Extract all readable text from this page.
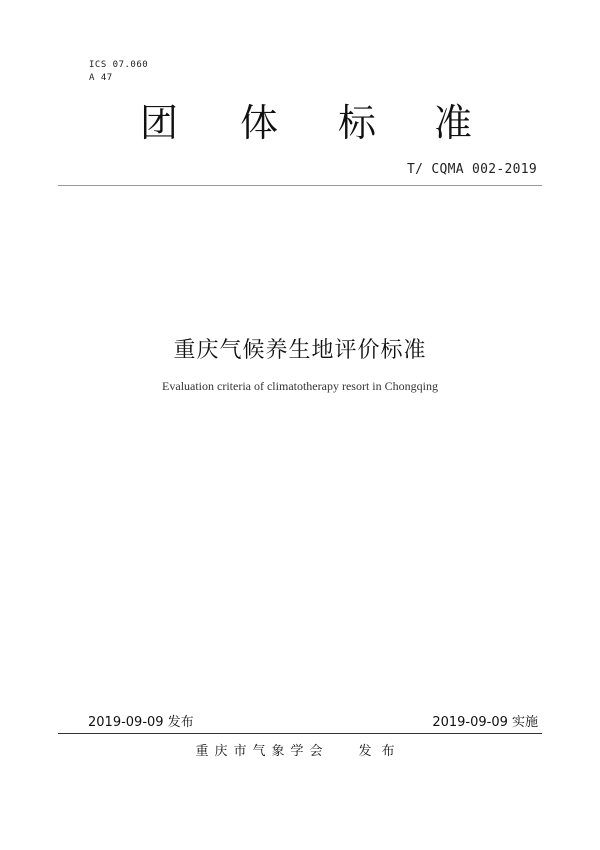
ICS 07.060
A 47
团 体 标 准
T/ CQMA 002-2019
重庆气候养生地评价标准
Evaluation criteria of climatotherapy resort in Chongqing
2019-09-09 发布	2019-09-09 实施
重庆市气象学会 发布
